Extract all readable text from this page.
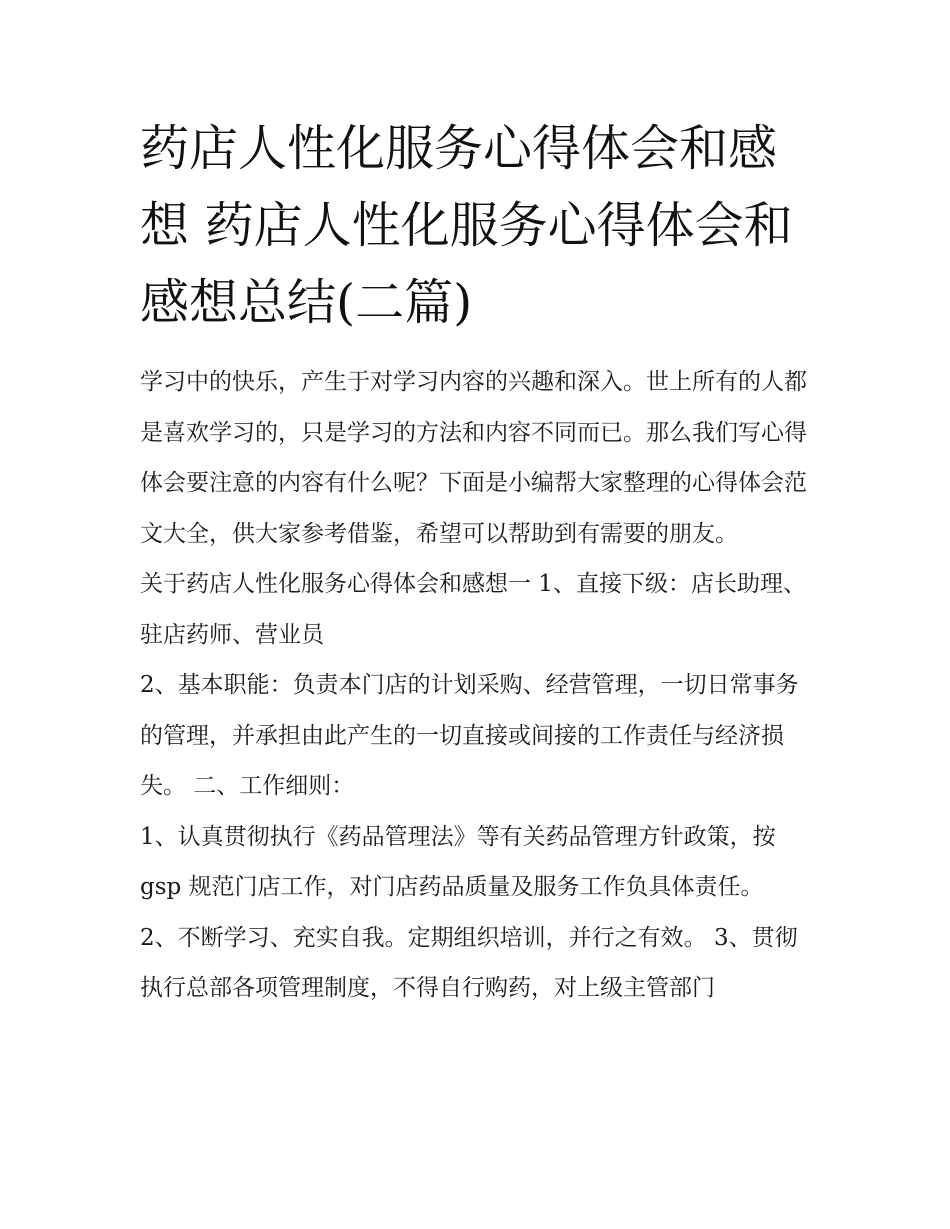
药店人性化服务心得体会和感想 药店人性化服务心得体会和感想总结(二篇)

学习中的快乐，产生于对学习内容的兴趣和深入。世上所有的人都是喜欢学习的，只是学习的方法和内容不同而已。那么我们写心得体会要注意的内容有什么呢？下面是小编帮大家整理的心得体会范文大全，供大家参考借鉴，希望可以帮助到有需要的朋友。

关于药店人性化服务心得体会和感想一 1、直接下级：店长助理、驻店药师、营业员

2、基本职能：负责本门店的计划采购、经营管理，一切日常事务的管理，并承担由此产生的一切直接或间接的工作责任与经济损失。 二、工作细则：

1、认真贯彻执行《药品管理法》等有关药品管理方针政策，按 gsp 规范门店工作，对门店药品质量及服务工作负具体责任。

2、不断学习、充实自我。定期组织培训，并行之有效。 3、贯彻执行总部各项管理制度，不得自行购药，对上级主管部门
